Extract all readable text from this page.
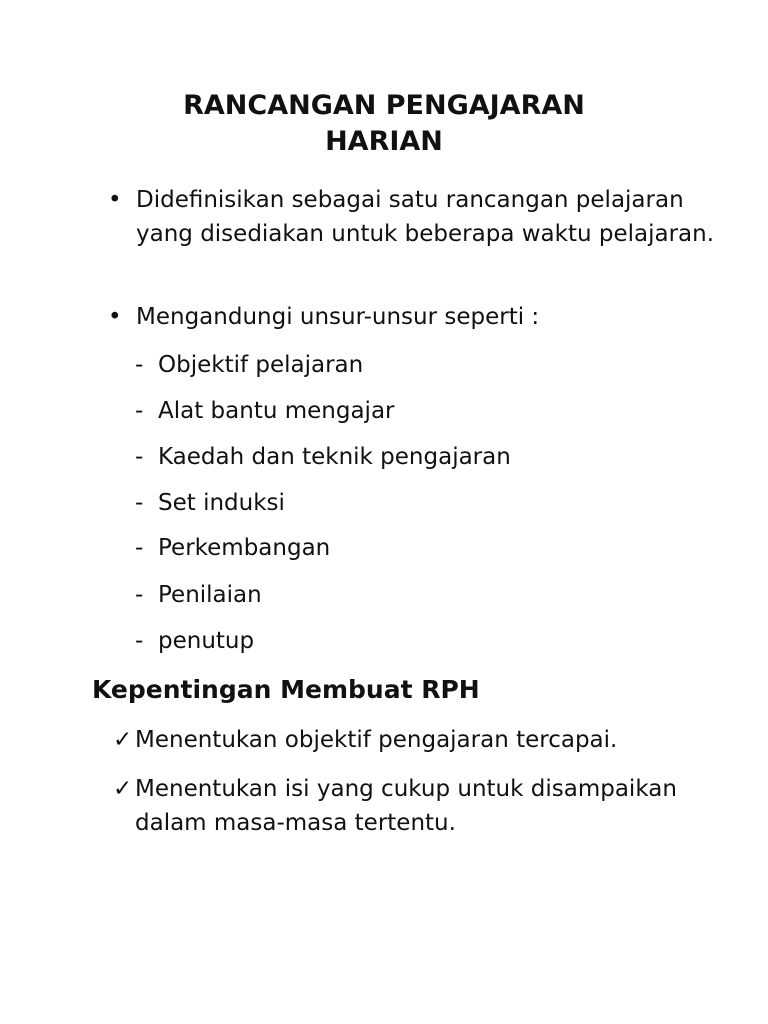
RANCANGAN PENGAJARAN
HARIAN
• Didefinisikan sebagai satu rancangan pelajaran yang disediakan untuk beberapa waktu pelajaran.
• Mengandungi unsur-unsur seperti :
- Objektif pelajaran
- Alat bantu mengajar
- Kaedah dan teknik pengajaran
- Set induksi
- Perkembangan
- Penilaian
- penutup
Kepentingan Membuat RPH
✓ Menentukan objektif pengajaran tercapai.
✓ Menentukan isi yang cukup untuk disampaikan dalam masa-masa tertentu.
